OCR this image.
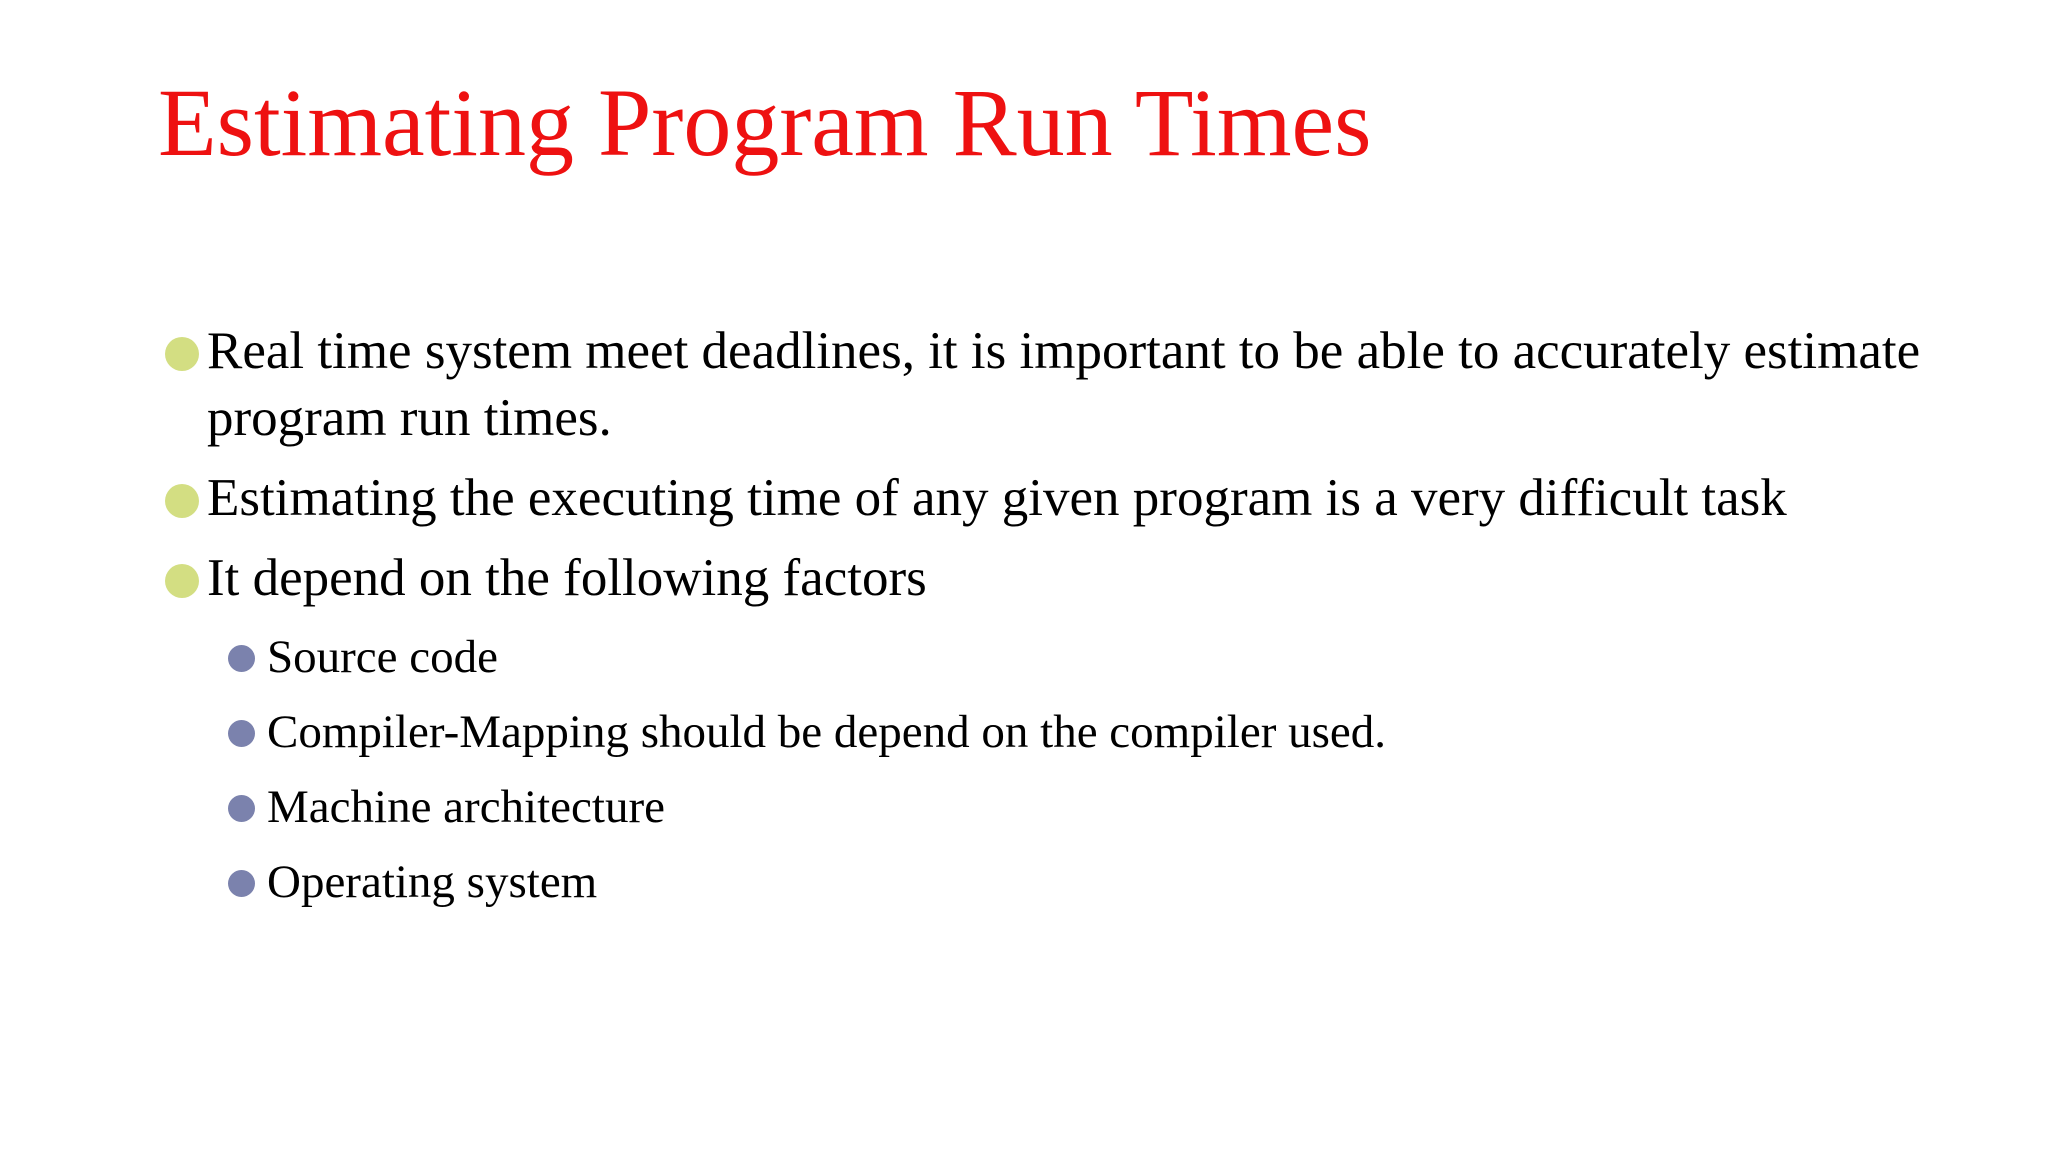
Estimating Program Run Times
Real time system meet deadlines, it is important to be able to accurately estimate program run times.
Estimating the executing time of any given program is a very difficult task
It depend on the following factors
Source code
Compiler-Mapping should be depend on the compiler used.
Machine architecture
Operating system
